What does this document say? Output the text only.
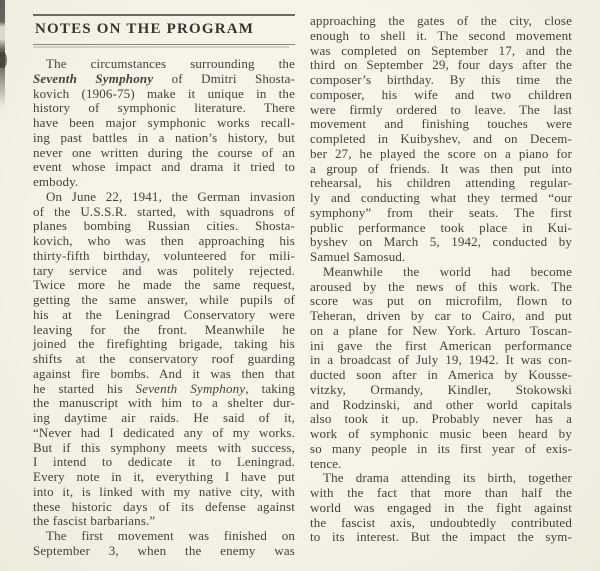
NOTES ON THE PROGRAM
The circumstances surrounding the
Seventh Symphony of Dmitri Shosta-
kovich (1906-75) make it unique in the
history of symphonic literature. There
have been major symphonic works recall-
ing past battles in a nation’s history, but
never one written during the course of an
event whose impact and drama it tried to
embody.
On June 22, 1941, the German invasion
of the U.S.S.R. started, with squadrons of
planes bombing Russian cities. Shosta-
kovich, who was then approaching his
thirty-fifth birthday, volunteered for mili-
tary service and was politely rejected.
Twice more he made the same request,
getting the same answer, while pupils of
his at the Leningrad Conservatory were
leaving for the front. Meanwhile he
joined the firefighting brigade, taking his
shifts at the conservatory roof guarding
against fire bombs. And it was then that
he started his Seventh Symphony, taking
the manuscript with him to a shelter dur-
ing daytime air raids. He said of it,
“Never had I dedicated any of my works.
But if this symphony meets with success,
I intend to dedicate it to Leningrad.
Every note in it, everything I have put
into it, is linked with my native city, with
these historic days of its defense against
the fascist barbarians.”
The first movement was finished on
September 3, when the enemy was
approaching the gates of the city, close
enough to shell it. The second movement
was completed on September 17, and the
third on September 29, four days after the
composer’s birthday. By this time the
composer, his wife and two children
were firmly ordered to leave. The last
movement and finishing touches were
completed in Kuibyshev, and on Decem-
ber 27, he played the score on a piano for
a group of friends. It was then put into
rehearsal, his children attending regular-
ly and conducting what they termed “our
symphony” from their seats. The first
public performance took place in Kui-
byshev on March 5, 1942, conducted by
Samuel Samosud.
Meanwhile the world had become
aroused by the news of this work. The
score was put on microfilm, flown to
Teheran, driven by car to Cairo, and put
on a plane for New York. Arturo Toscan-
ini gave the first American performance
in a broadcast of July 19, 1942. It was con-
ducted soon after in America by Kousse-
vitzky, Ormandy, Kindler, Stokowski
and Rodzinski, and other world capitals
also took it up. Probably never has a
work of symphonic music been heard by
so many people in its first year of exis-
tence.
The drama attending its birth, together
with the fact that more than half the
world was engaged in the fight against
the fascist axis, undoubtedly contributed
to its interest. But the impact the sym-
